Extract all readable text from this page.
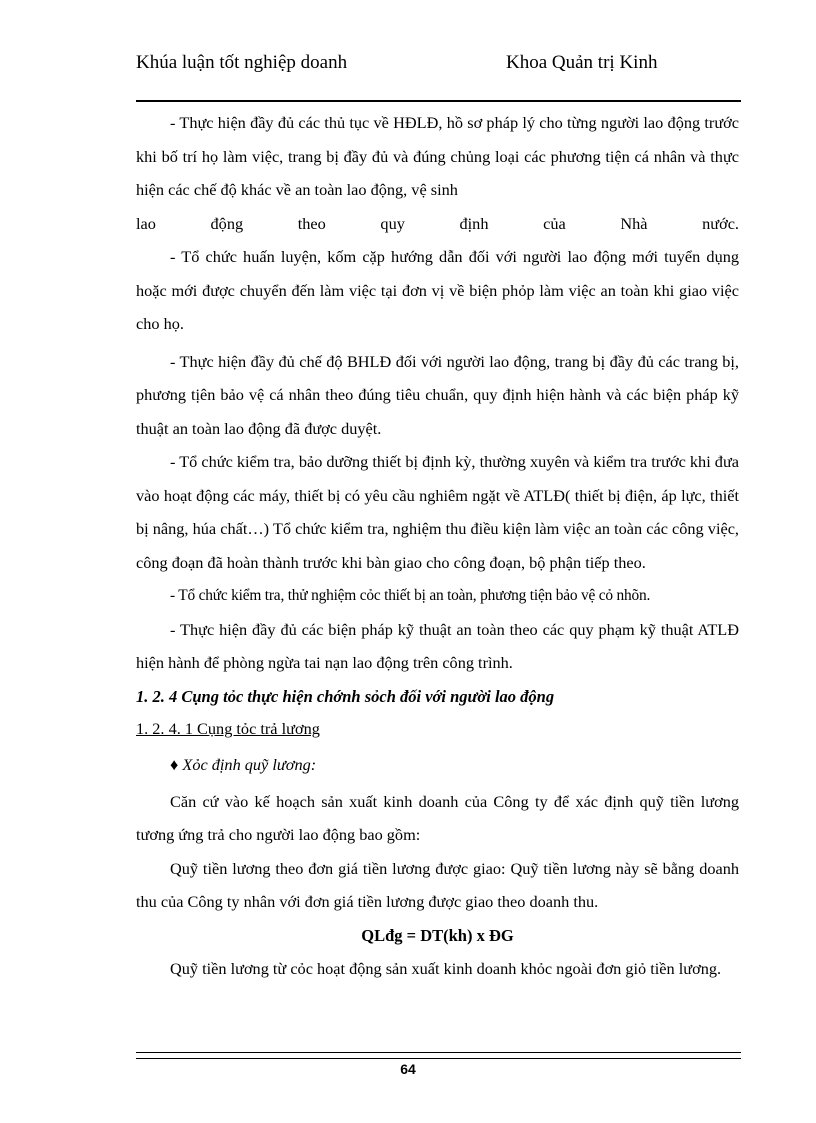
Khúa luận tốt nghiệp doanh	Khoa Quản trị Kinh

- Thực hiện đầy đủ các thủ tục về HĐLĐ, hồ sơ pháp lý cho từng người lao động trước khi bố trí họ làm việc, trang bị đầy đủ và đúng chủng loại các phương tiện cá nhân và thực hiện các chế độ khác về an toàn lao động, vệ sinh

lao động theo quy định của Nhà nước.

- Tổ chức huấn luyện, kốm cặp hướng dẫn đối với người lao động mới tuyển dụng hoặc mới được chuyển đến làm việc tại đơn vị về biện phỏp làm việc an toàn khi giao việc cho họ.

- Thực hiện đầy đủ chế độ BHLĐ đối với người lao động, trang bị đầy đủ các trang bị, phương tịên bảo vệ cá nhân theo đúng tiêu chuẩn, quy định hiện hành và các biện pháp kỹ thuật an toàn lao động đã được duyệt.

- Tổ chức kiểm tra, bảo dưỡng thiết bị định kỳ, thường xuyên và kiểm tra trước khi đưa vào hoạt động các máy, thiết bị có yêu cầu nghiêm ngặt về ATLĐ( thiết bị điện, áp lực, thiết bị nâng, húa chất…) Tổ chức kiểm tra, nghiệm thu điều kiện làm việc an toàn các công việc, công đoạn đã hoàn thành trước khi bàn giao cho công đoạn, bộ phận tiếp theo.

- Tổ chức kiểm tra, thử nghiệm cỏc thiết bị an toàn, phương tiện bảo vệ cỏ nhõn.

- Thực hiện đầy đủ các biện pháp kỹ thuật an toàn theo các quy phạm kỹ thuật ATLĐ hiện hành để phòng ngừa tai nạn lao động trên công trình.

1. 2. 4 Cụng tỏc thực hiện chớnh sỏch đối với người lao động

1. 2. 4. 1 Cụng tỏc trả lương

♦ Xỏc định quỹ lương:

Căn cứ vào kế hoạch sản xuất kinh doanh của Công ty để xác định quỹ tiền lương tương ứng trả cho người lao động bao gồm:

Quỹ tiền lương theo đơn giá tiền lương được giao: Quỹ tiền lương này sẽ bằng doanh thu của Công ty nhân với đơn giá tiền lương được giao theo doanh thu.

QLđg = DT(kh) x ĐG

Quỹ tiền lương từ cỏc hoạt động sản xuất kinh doanh khỏc ngoài đơn giỏ tiền lương.

64
